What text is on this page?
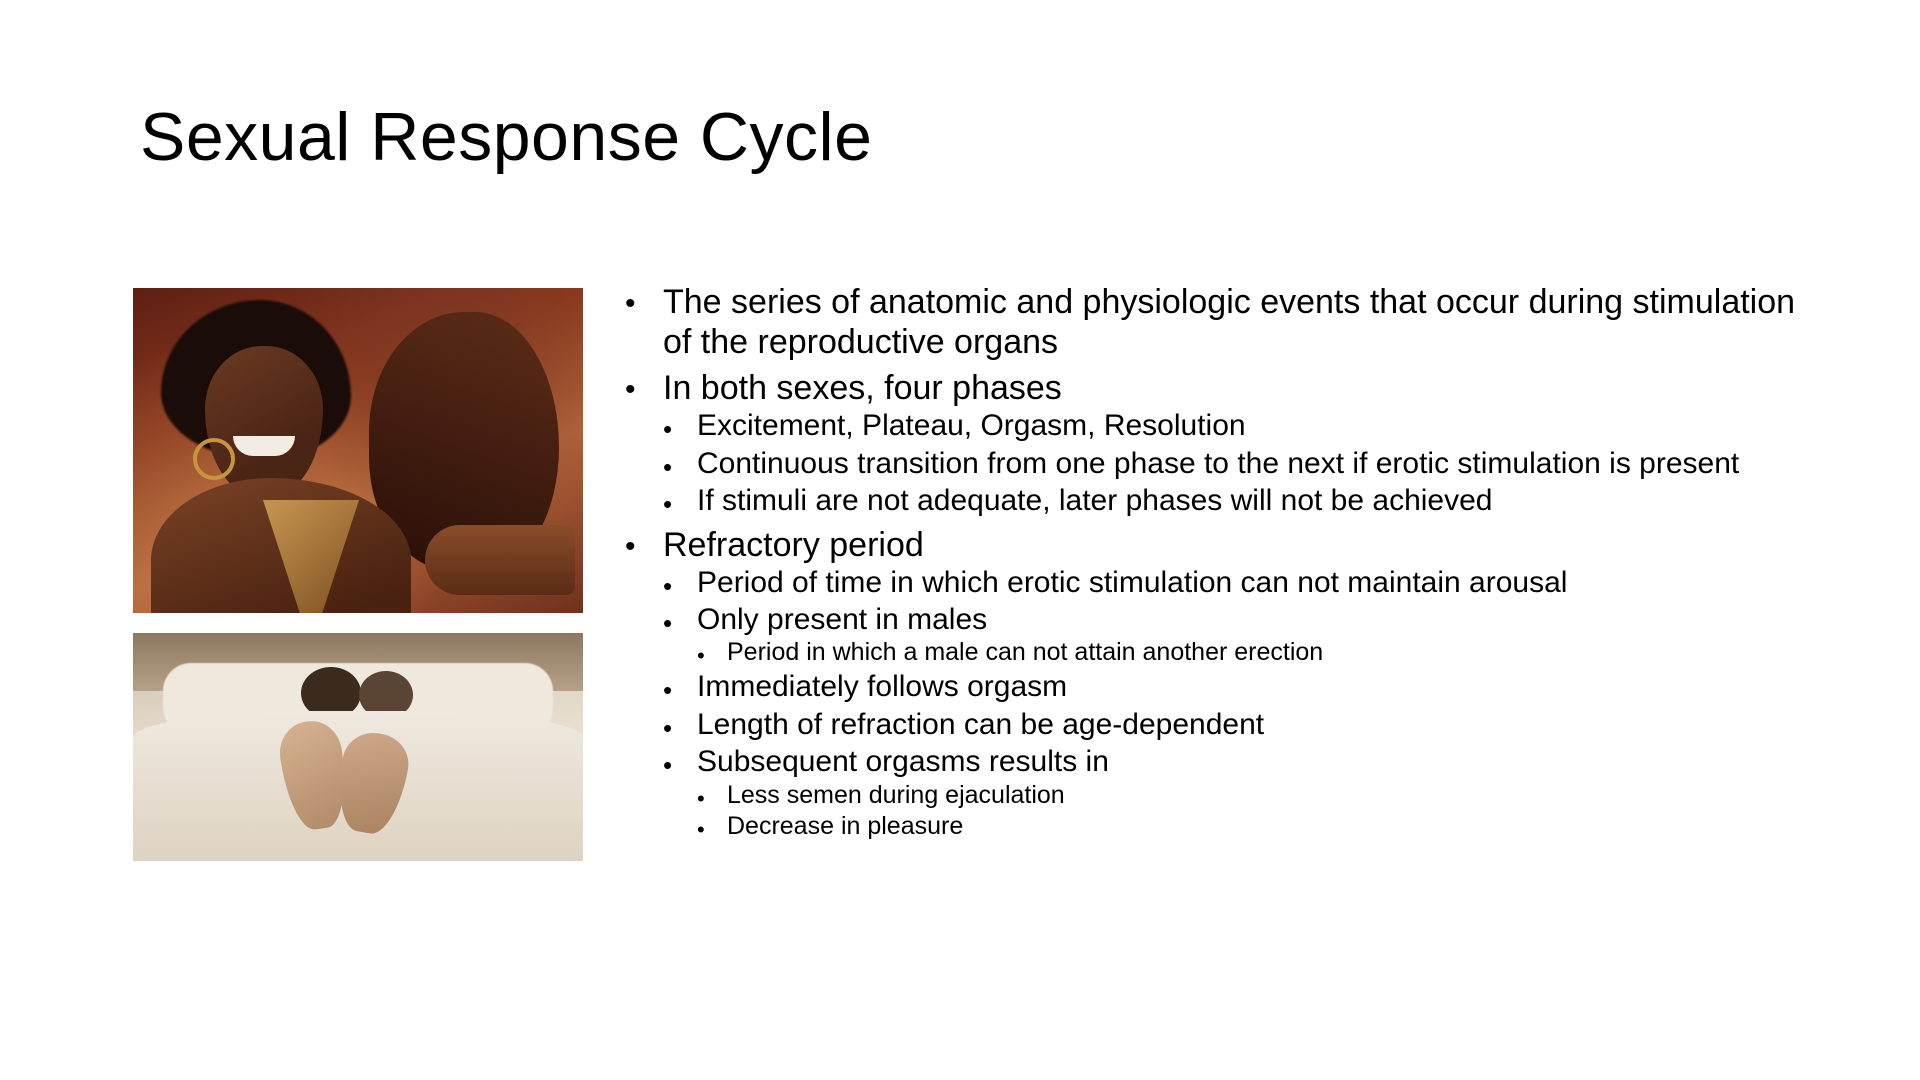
Sexual Response Cycle
• The series of anatomic and physiologic events that occur during stimulation of the reproductive organs
• In both sexes, four phases
• Excitement, Plateau, Orgasm, Resolution
• Continuous transition from one phase to the next if erotic stimulation is present
• If stimuli are not adequate, later phases will not be achieved
• Refractory period
• Period of time in which erotic stimulation can not maintain arousal
• Only present in males
• Period in which a male can not attain another erection
• Immediately follows orgasm
• Length of refraction can be age-dependent
• Subsequent orgasms results in
• Less semen during ejaculation
• Decrease in pleasure
